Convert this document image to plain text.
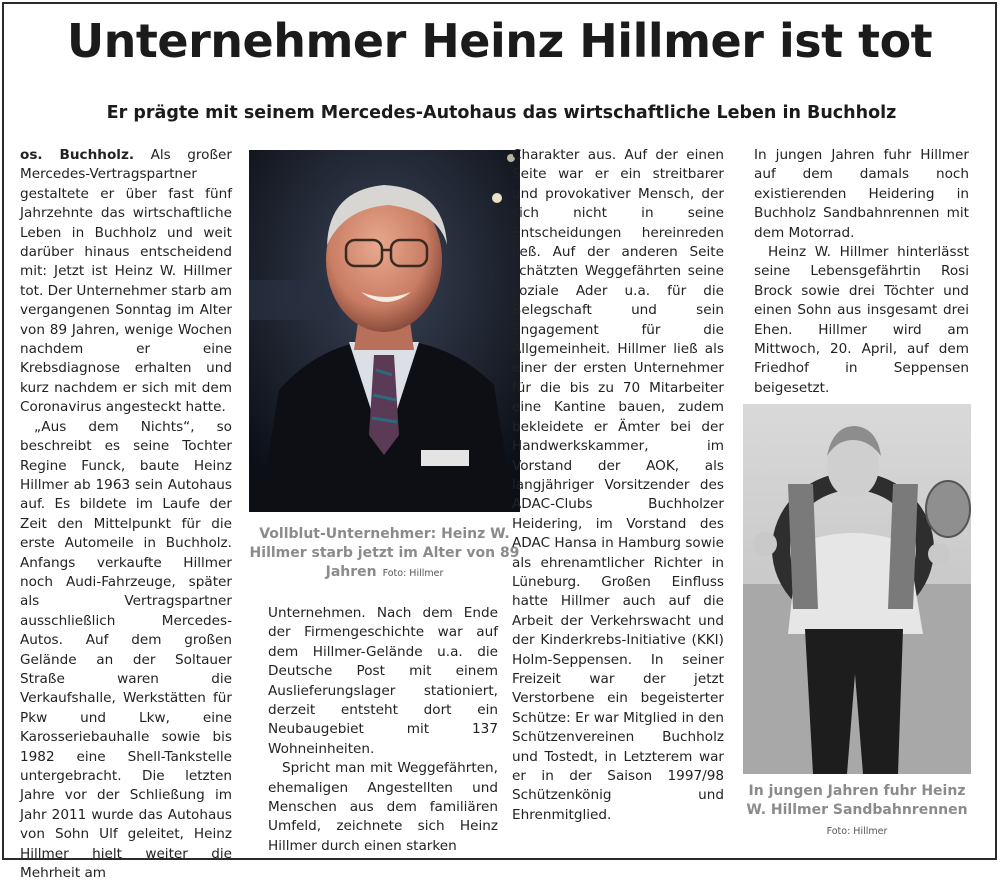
Unternehmer Heinz Hillmer ist tot
Er prägte mit seinem Mercedes-Autohaus das wirtschaftliche Leben in Buchholz

os. Buchholz. Als großer Mercedes-Vertragspartner gestaltete er über fast fünf Jahrzehnte das wirtschaftliche Leben in Buchholz und weit darüber hinaus entscheidend mit: Jetzt ist Heinz W. Hillmer tot. Der Unternehmer starb am vergangenen Sonntag im Alter von 89 Jahren, wenige Wochen nachdem er eine Krebsdiagnose erhalten und kurz nachdem er sich mit dem Coronavirus angesteckt hatte.

„Aus dem Nichts“, so beschreibt es seine Tochter Regine Funck, baute Heinz Hillmer ab 1963 sein Autohaus auf. Es bildete im Laufe der Zeit den Mittelpunkt für die erste Automeile in Buchholz. Anfangs verkaufte Hillmer noch Audi-Fahrzeuge, später als Vertragspartner ausschließlich Mercedes-Autos. Auf dem großen Gelände an der Soltauer Straße waren die Verkaufshalle, Werkstätten für Pkw und Lkw, eine Karosseriebauhalle sowie bis 1982 eine Shell-Tankstelle untergebracht. Die letzten Jahre vor der Schließung im Jahr 2011 wurde das Autohaus von Sohn Ulf geleitet, Heinz Hillmer hielt weiter die Mehrheit am

Vollblut-Unternehmer: Heinz W. Hillmer starb jetzt im Alter von 89 Jahren Foto: Hillmer

Unternehmen. Nach dem Ende der Firmengeschichte war auf dem Hillmer-Gelände u.a. die Deutsche Post mit einem Auslieferungslager stationiert, derzeit entsteht dort ein Neubaugebiet mit 137 Wohneinheiten.

Spricht man mit Weggefährten, ehemaligen Angestellten und Menschen aus dem familiären Umfeld, zeichnete sich Heinz Hillmer durch einen starken

Charakter aus. Auf der einen Seite war er ein streitbarer und provokativer Mensch, der sich nicht in seine Entscheidungen hereinreden ließ. Auf der anderen Seite schätzten Weggefährten seine soziale Ader u.a. für die Belegschaft und sein Engagement für die Allgemeinheit. Hillmer ließ als einer der ersten Unternehmer für die bis zu 70 Mitarbeiter eine Kantine bauen, zudem bekleidete er Ämter bei der Handwerkskammer, im Vorstand der AOK, als langjähriger Vorsitzender des ADAC-Clubs Buchholzer Heidering, im Vorstand des ADAC Hansa in Hamburg sowie als ehrenamtlicher Richter in Lüneburg. Großen Einfluss hatte Hillmer auch auf die Arbeit der Verkehrswacht und der Kinderkrebs-Initiative (KKI) Holm-Seppensen. In seiner Freizeit war der jetzt Verstorbene ein begeisterter Schütze: Er war Mitglied in den Schützenvereinen Buchholz und Tostedt, in Letzterem war er in der Saison 1997/98 Schützenkönig und Ehrenmitglied.

In jungen Jahren fuhr Hillmer auf dem damals noch existierenden Heidering in Buchholz Sandbahnrennen mit dem Motorrad.

Heinz W. Hillmer hinterlässt seine Lebensgefährtin Rosi Brock sowie drei Töchter und einen Sohn aus insgesamt drei Ehen. Hillmer wird am Mittwoch, 20. April, auf dem Friedhof in Seppensen beigesetzt.

In jungen Jahren fuhr Heinz W. Hillmer Sandbahnrennen
Foto: Hillmer
